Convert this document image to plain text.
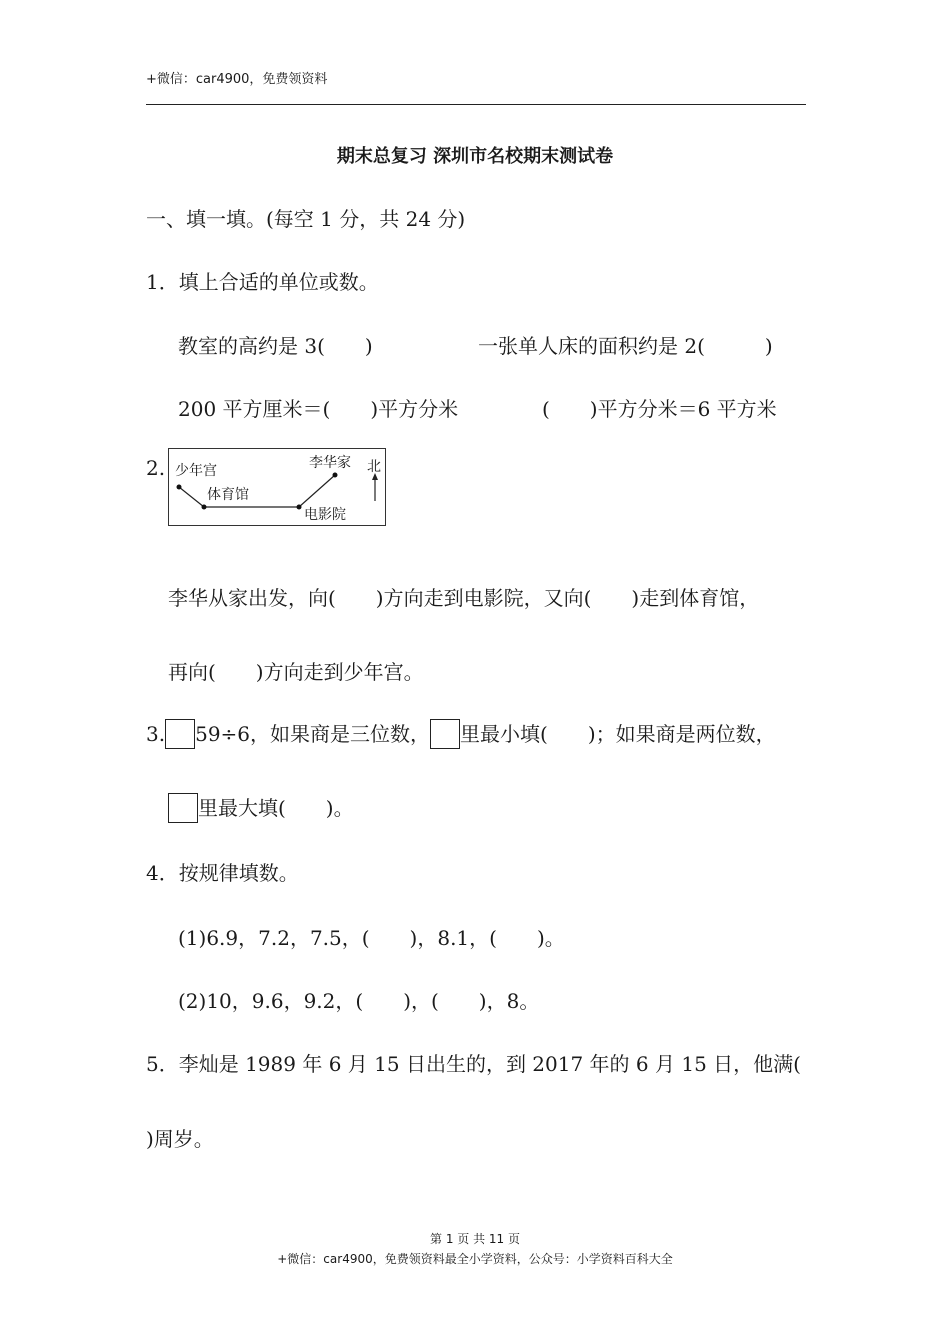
+微信：car4900，免费领资料
期末总复习 深圳市名校期末测试卷
一、填一填。(每空 1 分，共 24 分)
1．填上合适的单位或数。
教室的高约是 3(　　)	一张单人床的面积约是 2(　　　)
200 平方厘米＝(　　)平方分米	(　　)平方分米＝6 平方米
2. 少年宫
体育馆
李华家 北
电影院
李华从家出发，向(　　)方向走到电影院，又向(　　)走到体育馆，
再向(　　)方向走到少年宫。
3. 59÷6，如果商是三位数， 里最小填(　　)；如果商是两位数，
里最大填(　　)。
4．按规律填数。
(1)6.9，7.2，7.5，(　　)，8.1，(　　)。
(2)10，9.6，9.2，(　　)，(　　)，8。
5．李灿是 1989 年 6 月 15 日出生的，到 2017 年的 6 月 15 日，他满(
)周岁。
第 1 页 共 11 页
+微信：car4900，免费领资料最全小学资料，公众号：小学资料百科大全
